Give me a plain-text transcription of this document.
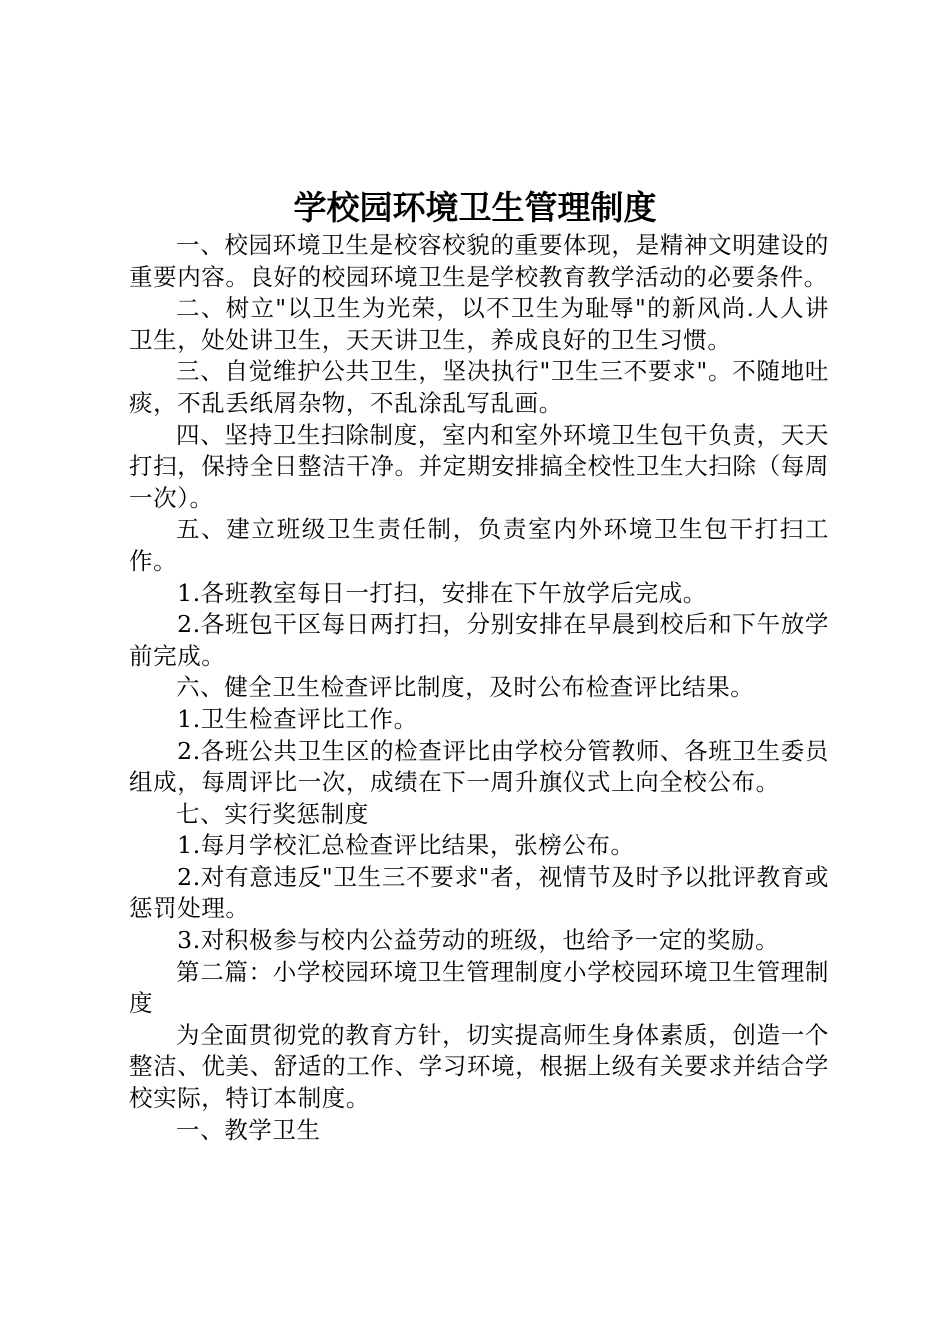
学校园环境卫生管理制度

一、校园环境卫生是校容校貌的重要体现，是精神文明建设的重要内容。良好的校园环境卫生是学校教育教学活动的必要条件。

二、树立"以卫生为光荣，以不卫生为耻辱"的新风尚.人人讲卫生，处处讲卫生，天天讲卫生，养成良好的卫生习惯。

三、自觉维护公共卫生，坚决执行"卫生三不要求"。不随地吐痰，不乱丢纸屑杂物，不乱涂乱写乱画。

四、坚持卫生扫除制度，室内和室外环境卫生包干负责，天天打扫，保持全日整洁干净。并定期安排搞全校性卫生大扫除（每周一次）。

五、建立班级卫生责任制，负责室内外环境卫生包干打扫工作。

1.各班教室每日一打扫，安排在下午放学后完成。

2.各班包干区每日两打扫，分别安排在早晨到校后和下午放学前完成。

六、健全卫生检查评比制度，及时公布检查评比结果。

1.卫生检查评比工作。

2.各班公共卫生区的检查评比由学校分管教师、各班卫生委员组成，每周评比一次，成绩在下一周升旗仪式上向全校公布。

七、实行奖惩制度

1.每月学校汇总检查评比结果，张榜公布。

2.对有意违反"卫生三不要求"者，视情节及时予以批评教育或惩罚处理。

3.对积极参与校内公益劳动的班级，也给予一定的奖励。

第二篇：小学校园环境卫生管理制度小学校园环境卫生管理制度

为全面贯彻党的教育方针，切实提高师生身体素质，创造一个整洁、优美、舒适的工作、学习环境，根据上级有关要求并结合学校实际，特订本制度。

一、教学卫生
